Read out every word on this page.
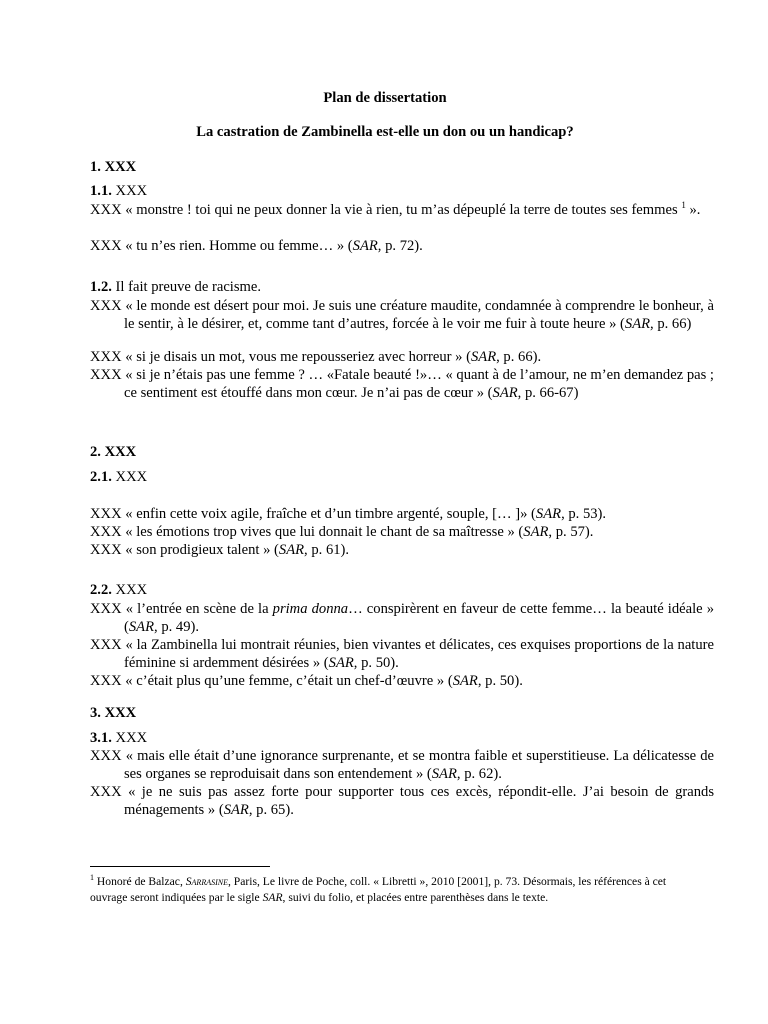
Plan de dissertation
La castration de Zambinella est-elle un don ou un handicap?
1. XXX
1.1. XXX
XXX « monstre ! toi qui ne peux donner la vie à rien, tu m’as dépeuplé la terre de toutes ses femmes $^1$ ».
XXX « tu n’es rien. Homme ou femme… » (SAR, p. 72).
1.2. Il fait preuve de racisme.
XXX « le monde est désert pour moi. Je suis une créature maudite, condamnée à comprendre le bonheur, à le sentir, à le désirer, et, comme tant d’autres, forcée à le voir me fuir à toute heure » (SAR, p. 66)
XXX « si je disais un mot, vous me repousseriez avec horreur » (SAR, p. 66).
XXX « si je n’étais pas une femme ? … «Fatale beauté !»… « quant à de l’amour, ne m’en demandez pas ; ce sentiment est étouffé dans mon cœur. Je n’ai pas de cœur » (SAR, p. 66-67)
2. XXX
2.1. XXX
XXX « enfin cette voix agile, fraîche et d’un timbre argenté, souple, [… ]» (SAR, p. 53).
XXX « les émotions trop vives que lui donnait le chant de sa maîtresse » (SAR, p. 57).
XXX « son prodigieux talent » (SAR, p. 61).
2.2. XXX
XXX « l’entrée en scène de la prima donna… conspirèrent en faveur de cette femme… la beauté idéale » (SAR, p. 49).
XXX « la Zambinella lui montrait réunies, bien vivantes et délicates, ces exquises proportions de la nature féminine si ardemment désirées » (SAR, p. 50).
XXX « c’était plus qu’une femme, c’était un chef-d’œuvre » (SAR, p. 50).
3. XXX
3.1. XXX
XXX « mais elle était d’une ignorance surprenante, et se montra faible et superstitieuse. La délicatesse de ses organes se reproduisait dans son entendement » (SAR, p. 62).
XXX « je ne suis pas assez forte pour supporter tous ces excès, répondit-elle. J’ai besoin de grands ménagements » (SAR, p. 65).
$^1$ Honoré de Balzac, Sarrasine, Paris, Le livre de Poche, coll. « Libretti », 2010 [2001], p. 73. Désormais, les références à cet ouvrage seront indiquées par le sigle SAR, suivi du folio, et placées entre parenthèses dans le texte.
